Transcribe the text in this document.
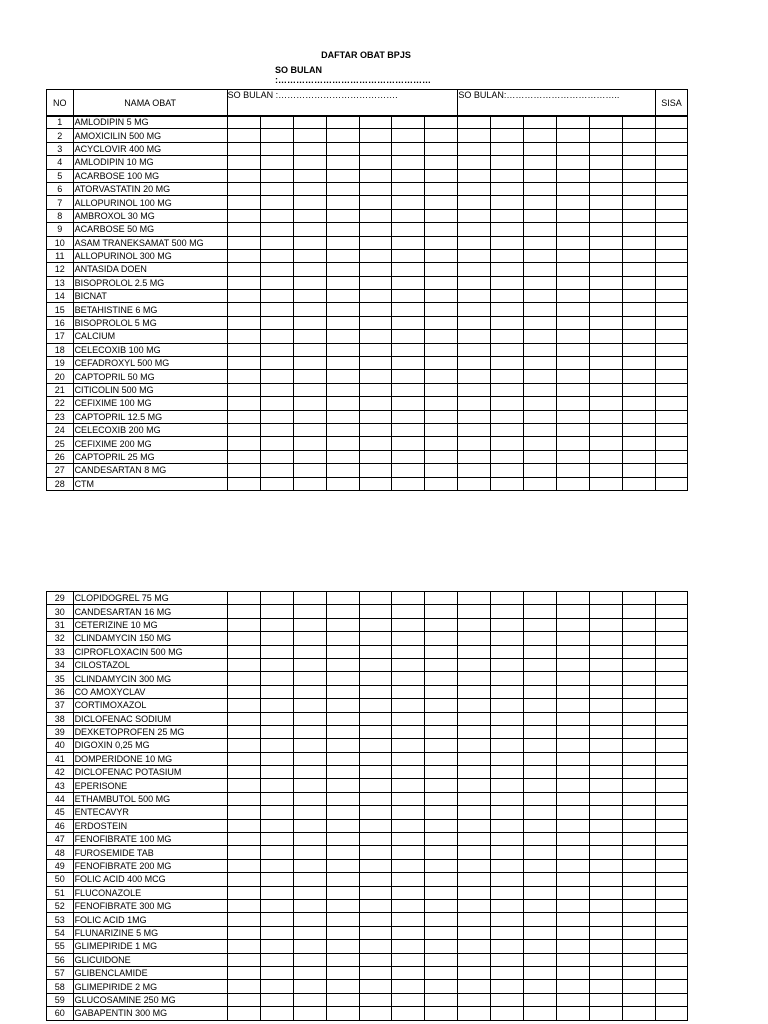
DAFTAR OBAT BPJS
SO BULAN :……………………………………………
NO	NAMA OBAT	SO BULAN :………………………………….	SO BULAN:………………………………..	SISA
1	AMLODIPIN 5 MG														
2	AMOXICILIN 500 MG														
3	ACYCLOVIR 400 MG														
4	AMLODIPIN 10 MG														
5	ACARBOSE 100 MG														
6	ATORVASTATIN 20 MG														
7	ALLOPURINOL 100 MG														
8	AMBROXOL 30 MG														
9	ACARBOSE 50 MG														
10	ASAM TRANEKSAMAT 500 MG														
11	ALLOPURINOL 300 MG														
12	ANTASIDA DOEN														
13	BISOPROLOL 2.5 MG														
14	BICNAT														
15	BETAHISTINE 6 MG														
16	BISOPROLOL 5 MG														
17	CALCIUM														
18	CELECOXIB 100 MG														
19	CEFADROXYL 500 MG														
20	CAPTOPRIL 50 MG														
21	CITICOLIN 500 MG														
22	CEFIXIME 100 MG														
23	CAPTOPRIL 12.5 MG														
24	CELECOXIB 200 MG														
25	CEFIXIME 200 MG														
26	CAPTOPRIL 25 MG														
27	CANDESARTAN 8 MG														
28	CTM														
29	CLOPIDOGREL 75 MG														
30	CANDESARTAN 16 MG														
31	CETERIZINE 10 MG														
32	CLINDAMYCIN 150 MG														
33	CIPROFLOXACIN 500 MG														
34	CILOSTAZOL														
35	CLINDAMYCIN 300 MG														
36	CO AMOXYCLAV														
37	CORTIMOXAZOL														
38	DICLOFENAC SODIUM														
39	DEXKETOPROFEN 25 MG														
40	DIGOXIN 0,25 MG														
41	DOMPERIDONE 10 MG														
42	DICLOFENAC POTASIUM														
43	EPERISONE														
44	ETHAMBUTOL 500 MG														
45	ENTECAVYR														
46	ERDOSTEIN														
47	FENOFIBRATE 100 MG														
48	FUROSEMIDE TAB														
49	FENOFIBRATE 200 MG														
50	FOLIC ACID 400 MCG														
51	FLUCONAZOLE														
52	FENOFIBRATE 300 MG														
53	FOLIC ACID 1MG														
54	FLUNARIZINE 5 MG														
55	GLIMEPIRIDE 1 MG														
56	GLICUIDONE														
57	GLIBENCLAMIDE														
58	GLIMEPIRIDE 2 MG														
59	GLUCOSAMINE 250 MG														
60	GABAPENTIN 300 MG														
